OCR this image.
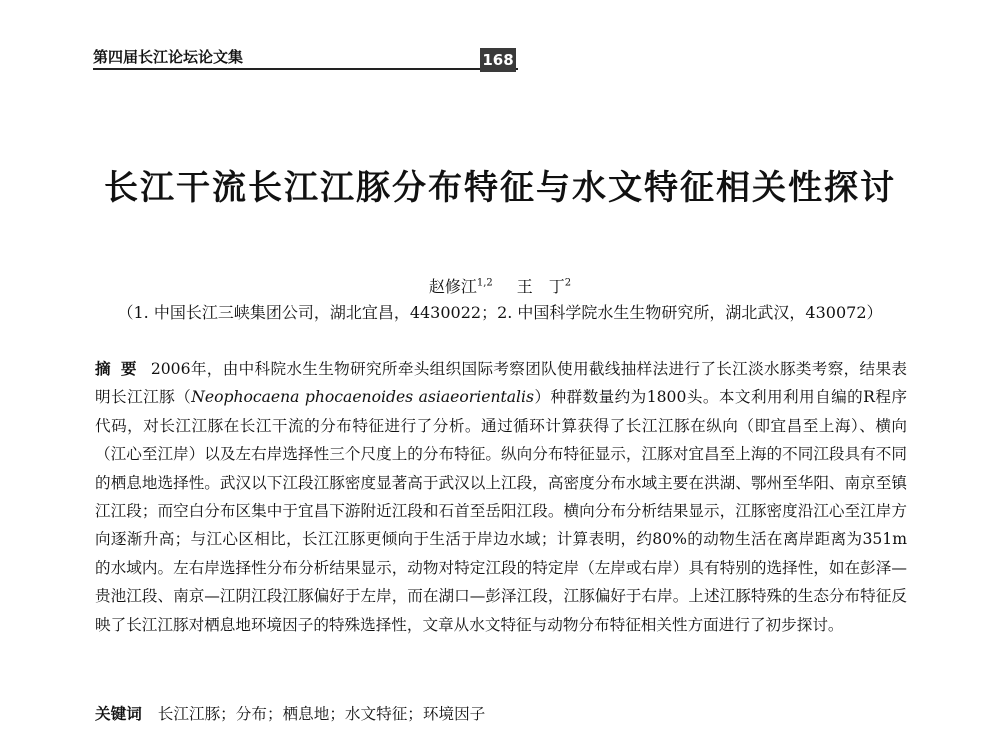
第四届长江论坛论文集	168
长江干流长江江豚分布特征与水文特征相关性探讨
赵修江$^{1,2}$ 王　丁$^2$
（1. 中国长江三峡集团公司，湖北宜昌，4430022；2. 中国科学院水生生物研究所，湖北武汉，430072）
摘要 2006年，由中科院水生生物研究所牵头组织国际考察团队使用截线抽样法进行了长江淡水豚类考察，结果表明长江江豚（Neophocaena phocaenoides asiaeorientalis）种群数量约为1800头。本文利用利用自编的R程序代码，对长江江豚在长江干流的分布特征进行了分析。通过循环计算获得了长江江豚在纵向（即宜昌至上海）、横向（江心至江岸）以及左右岸选择性三个尺度上的分布特征。纵向分布特征显示，江豚对宜昌至上海的不同江段具有不同的栖息地选择性。武汉以下江段江豚密度显著高于武汉以上江段，高密度分布水域主要在洪湖、鄂州至华阳、南京至镇江江段；而空白分布区集中于宜昌下游附近江段和石首至岳阳江段。横向分布分析结果显示，江豚密度沿江心至江岸方向逐渐升高；与江心区相比，长江江豚更倾向于生活于岸边水域；计算表明，约80%的动物生活在离岸距离为351m的水域内。左右岸选择性分布分析结果显示，动物对特定江段的特定岸（左岸或右岸）具有特别的选择性，如在彭泽—贵池江段、南京—江阴江段江豚偏好于左岸，而在湖口—彭泽江段，江豚偏好于右岸。上述江豚特殊的生态分布特征反映了长江江豚对栖息地环境因子的特殊选择性，文章从水文特征与动物分布特征相关性方面进行了初步探讨。
关键词 长江江豚；分布；栖息地；水文特征；环境因子
